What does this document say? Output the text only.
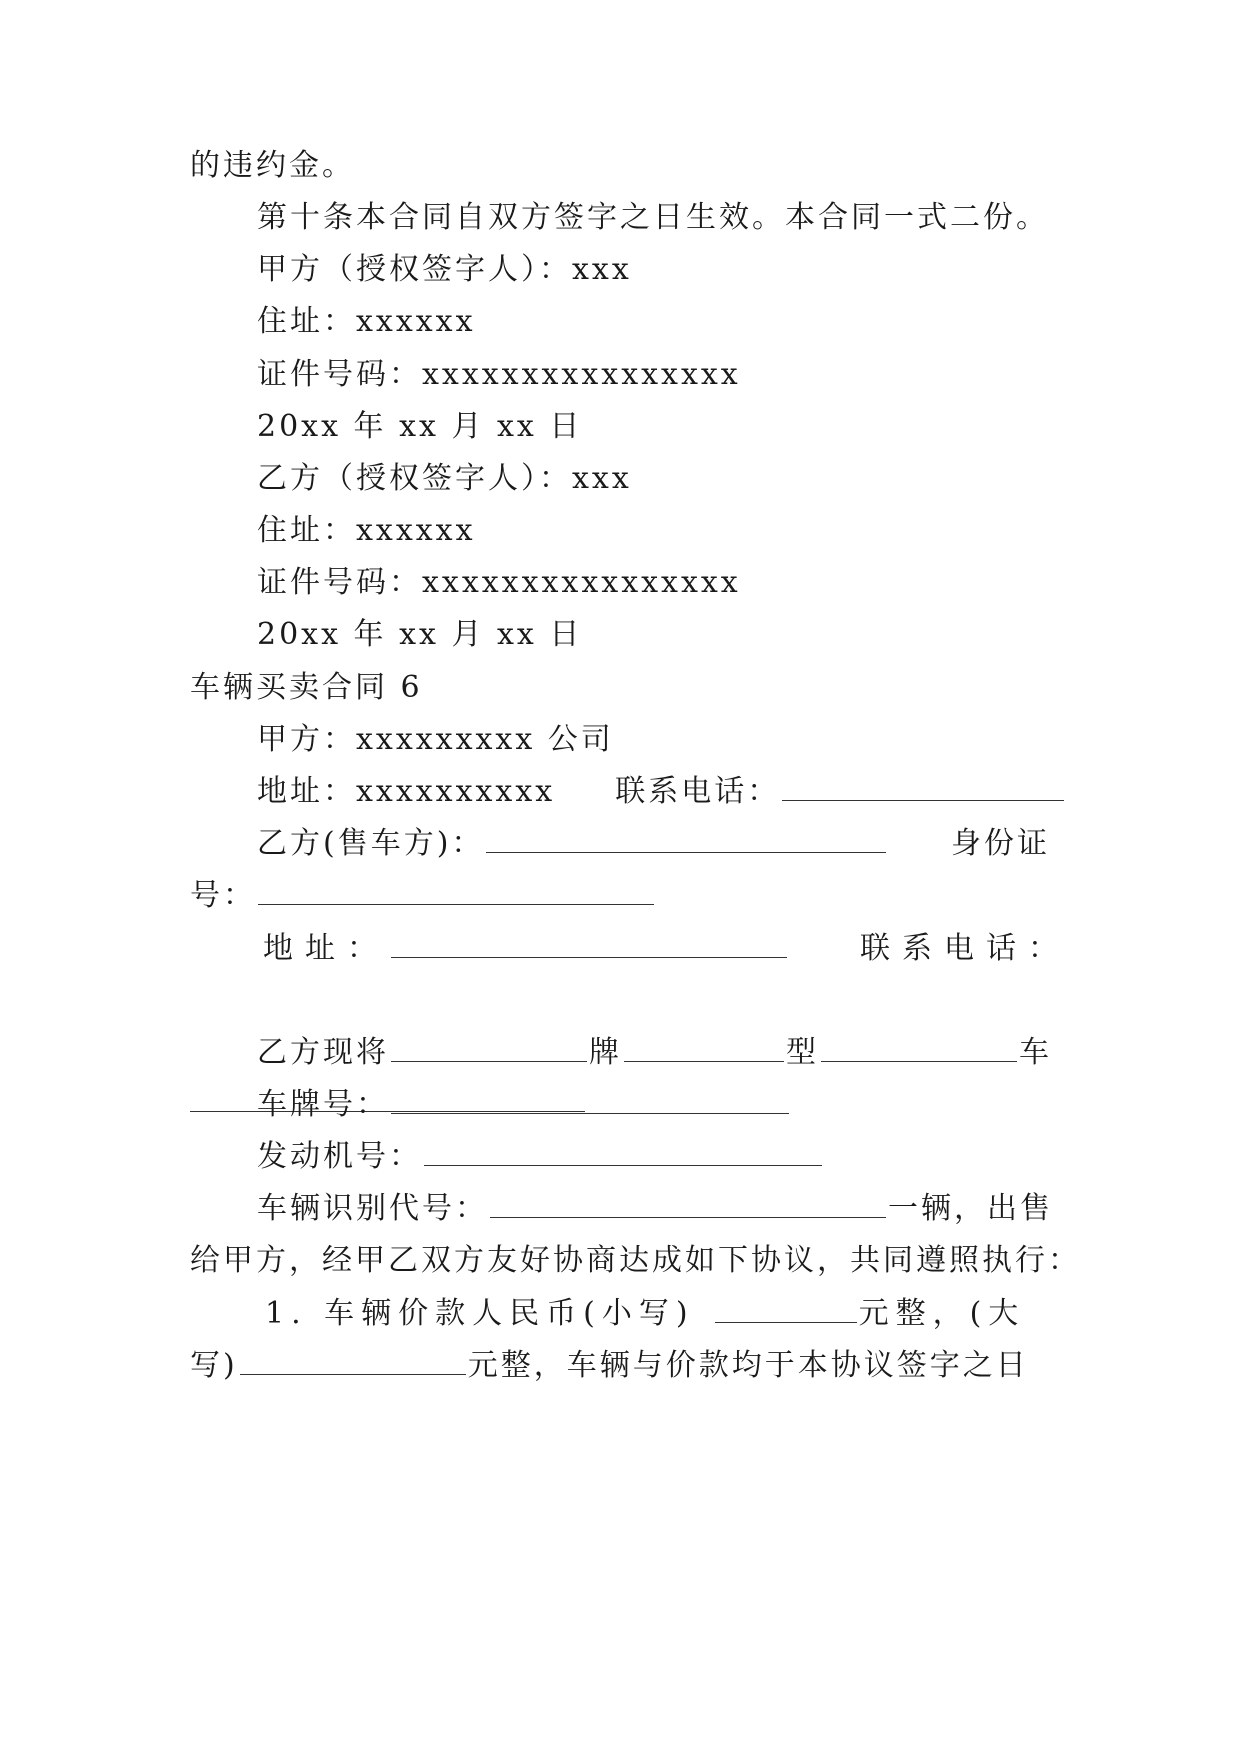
的违约金。
第十条本合同自双方签字之日生效。本合同一式二份。
甲方（授权签字人）：xxx
住址：xxxxxx
证件号码：xxxxxxxxxxxxxxxx
20xx 年 xx 月 xx 日
乙方（授权签字人）：xxx
住址：xxxxxx
证件号码：xxxxxxxxxxxxxxxx
20xx 年 xx 月 xx 日
车辆买卖合同 6
甲方：xxxxxxxxx 公司
地址：xxxxxxxxxx 联系电话：
乙方(售车方)：	身份证
号：
地址：	联系电话：
乙方现将	牌	型	车
车牌号：
发动机号：
车辆识别代号：	一辆，出售
给甲方，经甲乙双方友好协商达成如下协议，共同遵照执行：
1. 车辆价款人民币(小写)	元整，(大
写)	元整，车辆与价款均于本协议签字之日
